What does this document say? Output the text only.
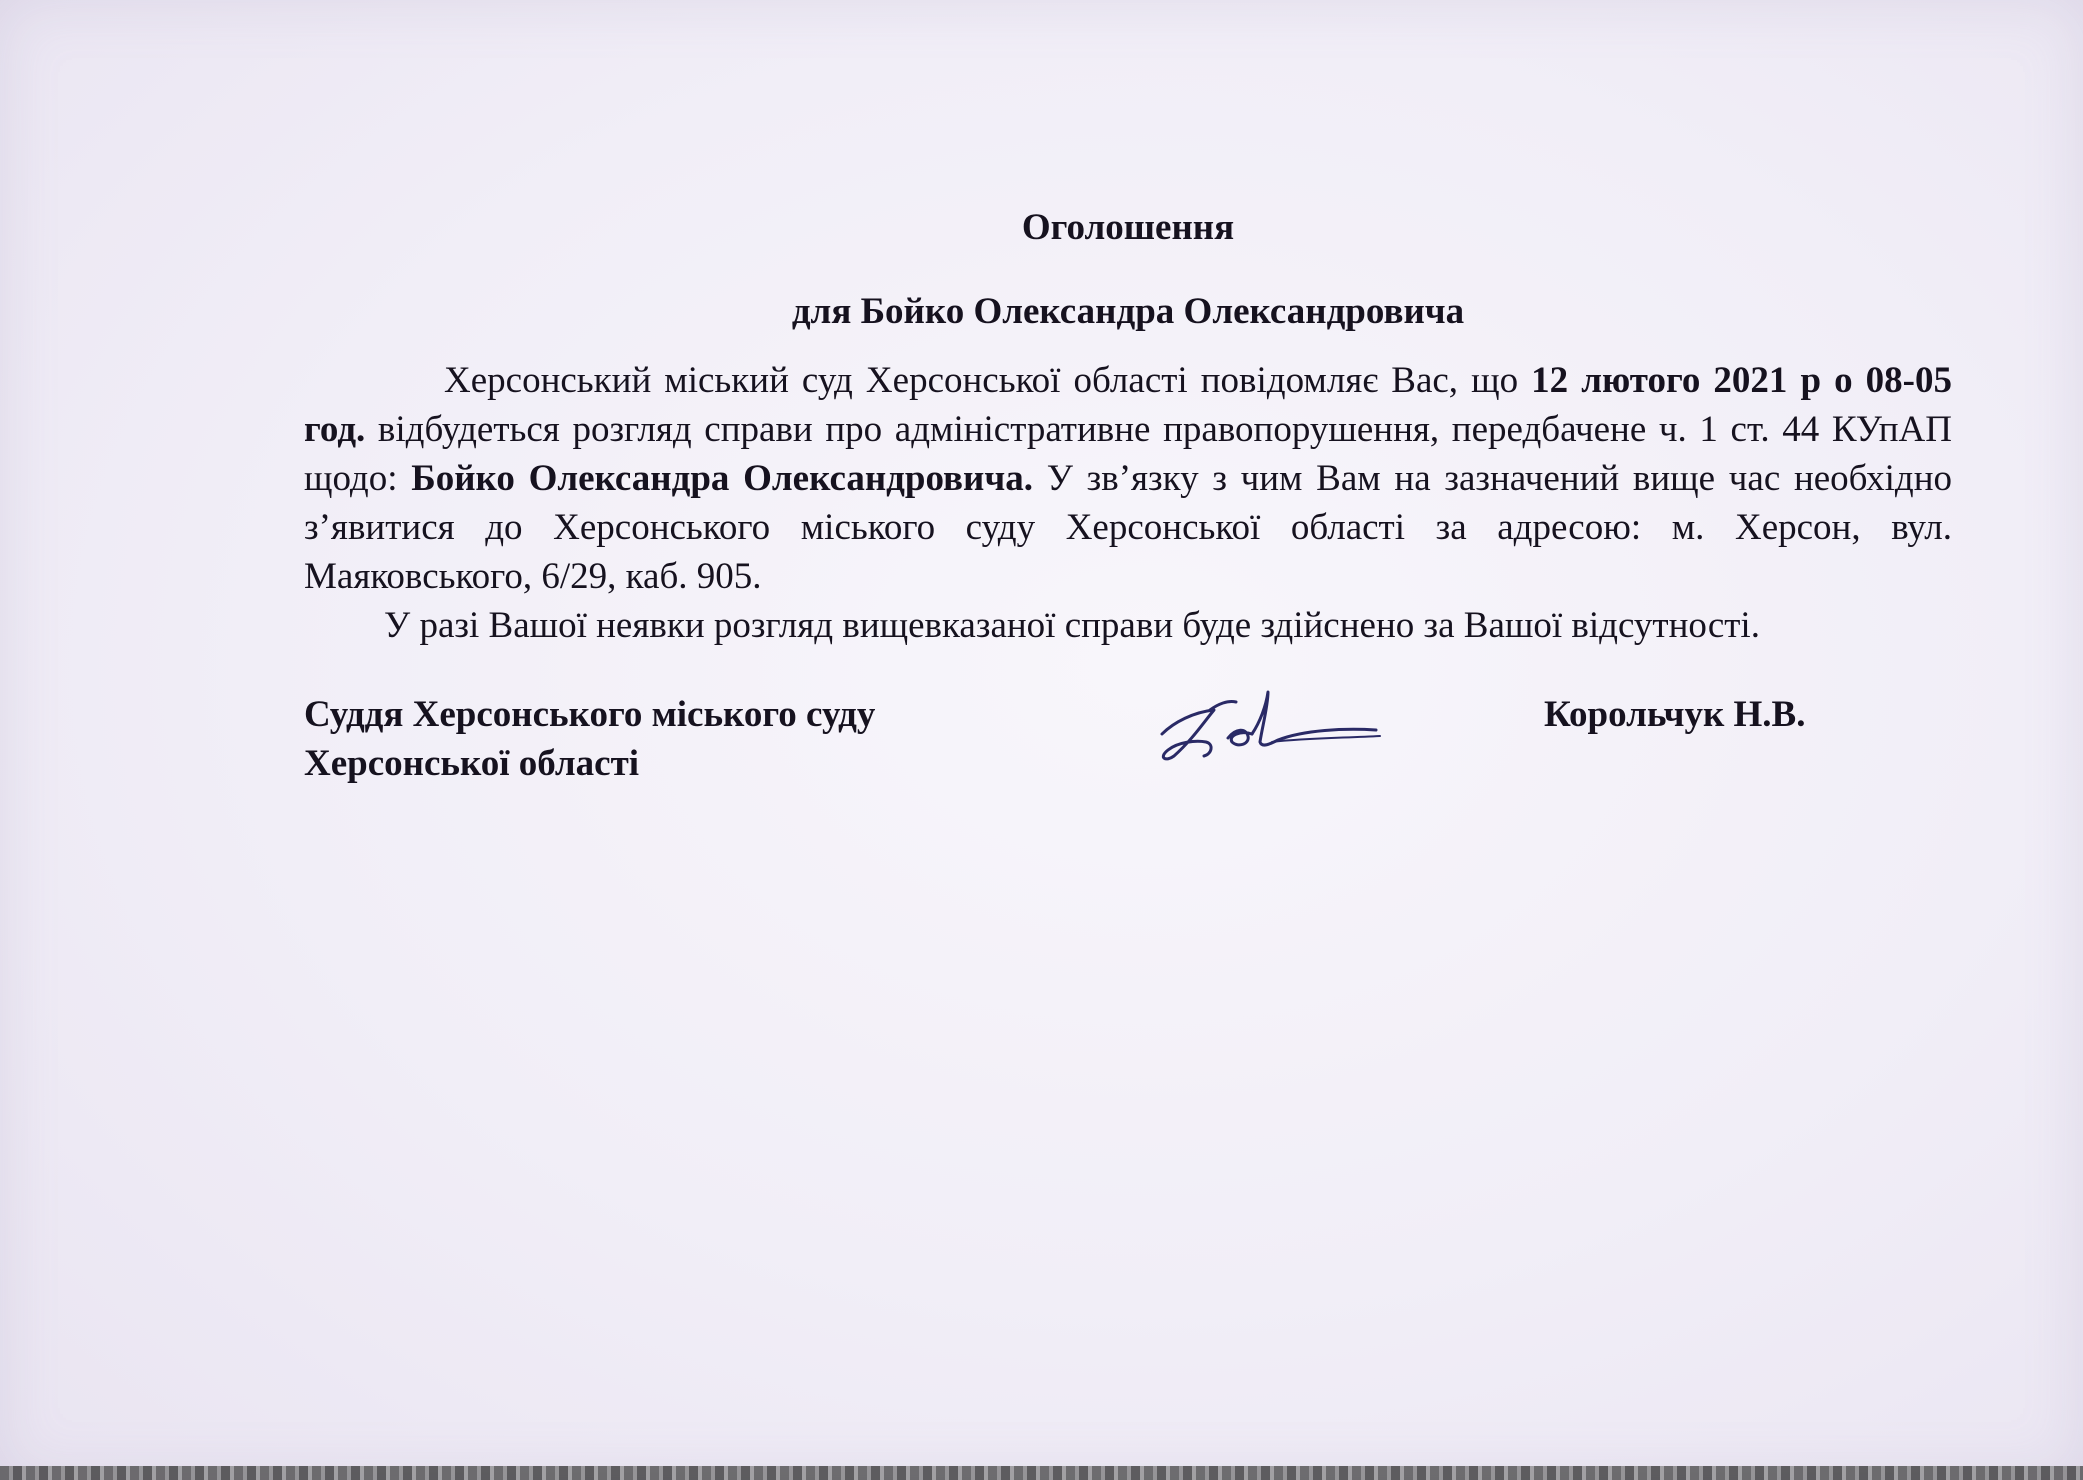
Оголошення

для Бойко Олександра Олександровича

Херсонський міський суд Херсонської області повідомляє Вас, що 12 лютого 2021 р о 08-05 год. відбудеться розгляд справи про адміністративне правопорушення, передбачене ч. 1 ст. 44 КУпАП щодо: Бойко Олександра Олександровича. У зв’язку з чим Вам на зазначений вище час необхідно з’явитися до Херсонського міського суду Херсонської області за адресою: м. Херсон, вул. Маяковського, 6/29, каб. 905.

У разі Вашої неявки розгляд вищевказаної справи буде здійснено за Вашої відсутності.

Суддя Херсонського міського суду
Херсонської області
Корольчук Н.В.
